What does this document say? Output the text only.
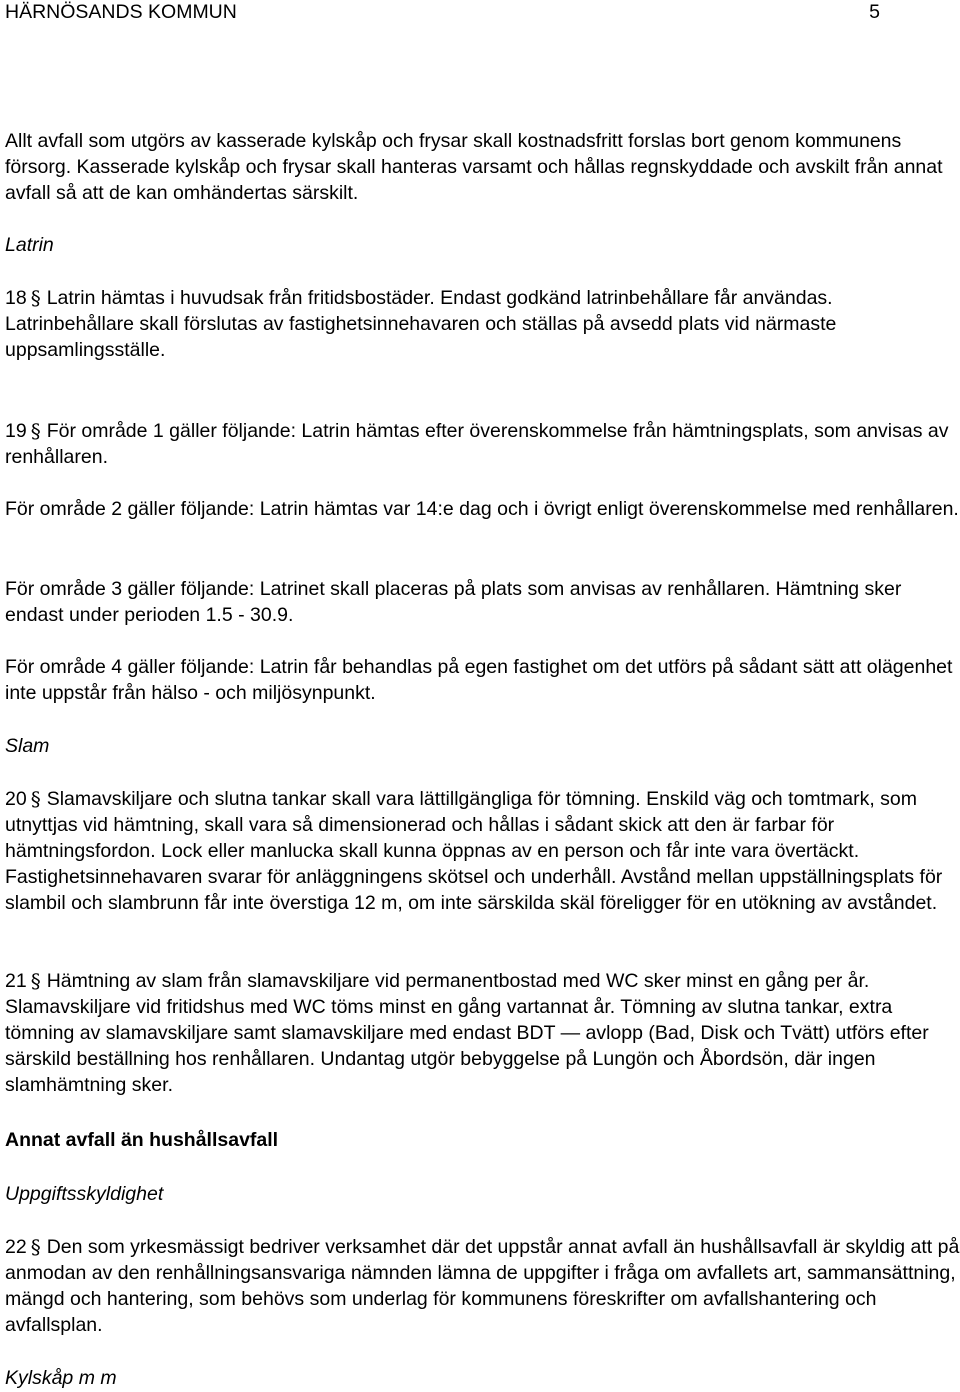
HÄRNÖSANDS KOMMUN	5

Allt avfall som utgörs av kasserade kylskåp och frysar skall kostnadsfritt forslas bort genom kommunens försorg. Kasserade kylskåp och frysar skall hanteras varsamt och hållas regnskyddade och avskilt från annat avfall så att de kan omhändertas särskilt.

Latrin

18 § Latrin hämtas i huvudsak från fritidsbostäder. Endast godkänd latrinbehållare får användas. Latrinbehållare skall förslutas av fastighetsinnehavaren och ställas på avsedd plats vid närmaste uppsamlingsställe.

19 § För område 1 gäller följande: Latrin hämtas efter överenskommelse från hämtningsplats, som anvisas av renhållaren.

För område 2 gäller följande: Latrin hämtas var 14:e dag och i övrigt enligt överenskommelse med renhållaren.

För område 3 gäller följande: Latrinet skall placeras på plats som anvisas av renhållaren. Hämtning sker endast under perioden 1.5 - 30.9.

För område 4 gäller följande: Latrin får behandlas på egen fastighet om det utförs på sådant sätt att olägenhet inte uppstår från hälso - och miljösynpunkt.

Slam

20 § Slamavskiljare och slutna tankar skall vara lättillgängliga för tömning. Enskild väg och tomtmark, som utnyttjas vid hämtning, skall vara så dimensionerad och hållas i sådant skick att den är farbar för hämtningsfordon. Lock eller manlucka skall kunna öppnas av en person och får inte vara övertäckt. Fastighetsinnehavaren svarar för anläggningens skötsel och underhåll. Avstånd mellan uppställningsplats för slambil och slambrunn får inte överstiga 12 m, om inte särskilda skäl föreligger för en utökning av avståndet.

21 § Hämtning av slam från slamavskiljare vid permanentbostad med WC sker minst en gång per år. Slamavskiljare vid fritidshus med WC töms minst en gång vartannat år. Tömning av slutna tankar, extra tömning av slamavskiljare samt slamavskiljare med endast BDT — avlopp (Bad, Disk och Tvätt) utförs efter särskild beställning hos renhållaren. Undantag utgör bebyggelse på Lungön och Åbordsön, där ingen slamhämtning sker.

Annat avfall än hushållsavfall

Uppgiftsskyldighet

22 § Den som yrkesmässigt bedriver verksamhet där det uppstår annat avfall än hushållsavfall är skyldig att på anmodan av den renhållningsansvariga nämnden lämna de uppgifter i fråga om avfallets art, sammansättning, mängd och hantering, som behövs som underlag för kommunens föreskrifter om avfallshantering och avfallsplan.

Kylskåp m m
